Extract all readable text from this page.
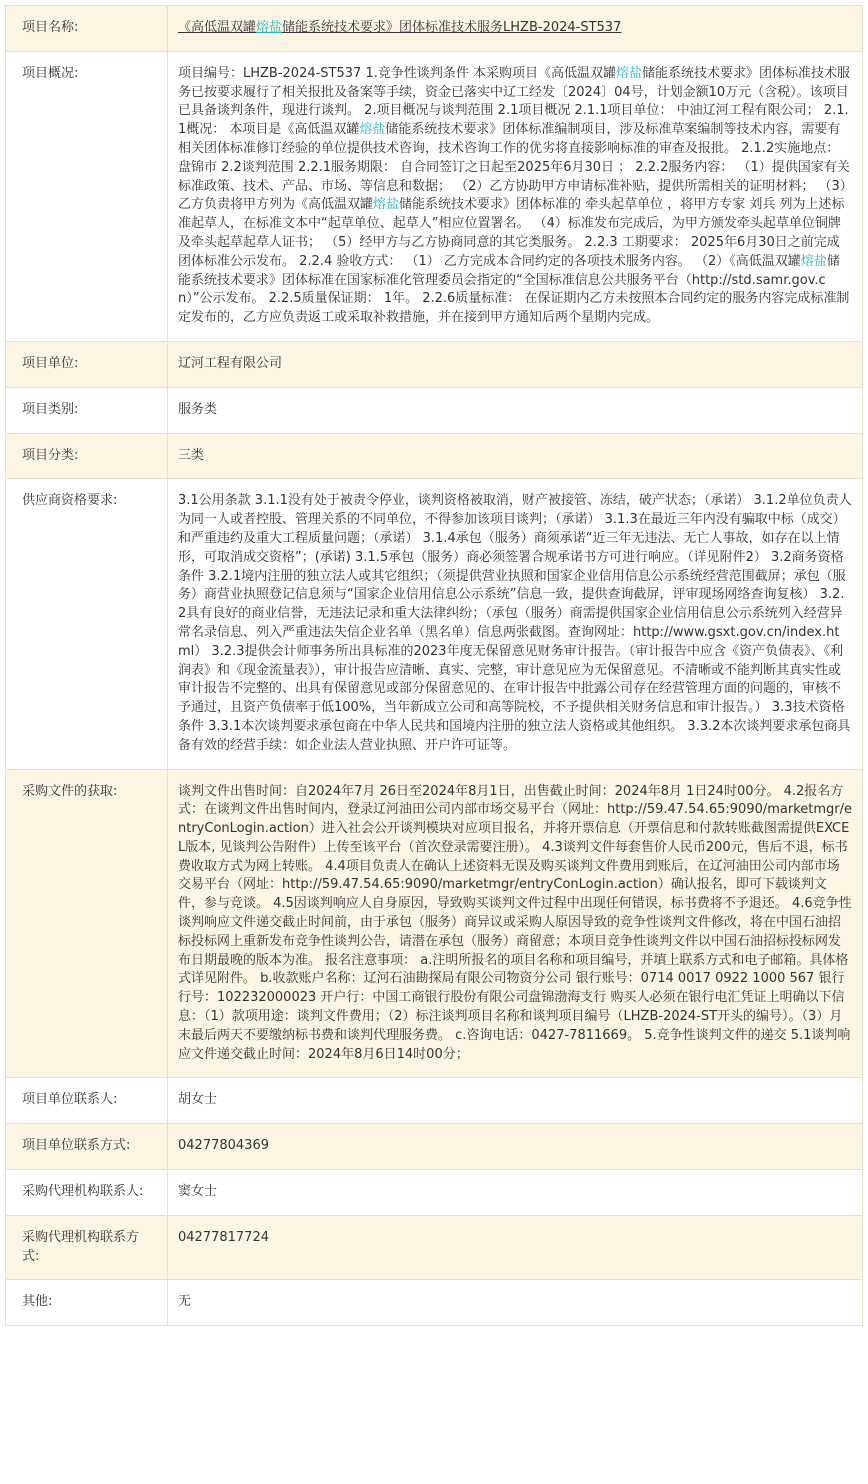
项目名称:	《高低温双罐熔盐储能系统技术要求》团体标准技术服务LHZB-2024-ST537
项目概况:	项目编号：LHZB-2024-ST537 1.竞争性谈判条件 本采购项目《高低温双罐熔盐储能系统技术要求》团体标准技术服务已按要求履行了相关报批及备案等手续，资金已落实中辽工经发〔2024〕04号，计划金额10万元（含税）。该项目已具备谈判条件，现进行谈判。 2.项目概况与谈判范围 2.1项目概况 2.1.1项目单位： 中油辽河工程有限公司； 2.1.1概况： 本项目是《高低温双罐熔盐储能系统技术要求》团体标准编制项目，涉及标准草案编制等技术内容，需要有相关团体标准修订经验的单位提供技术咨询，技术咨询工作的优劣将直接影响标准的审查及报批。 2.1.2实施地点：盘锦市 2.2谈判范围 2.2.1服务期限： 自合同签订之日起至2025年6月30日 ； 2.2.2服务内容： （1）提供国家有关标准政策、技术、产品、市场、等信息和数据； （2）乙方协助甲方申请标准补贴，提供所需相关的证明材料； （3）乙方负责将甲方列为《高低温双罐熔盐储能系统技术要求》团体标准的 牵头起草单位 ，将甲方专家 刘兵 列为上述标准起草人，在标准文本中“起草单位、起草人”相应位置署名。 （4）标准发布完成后，为甲方颁发牵头起草单位铜牌及牵头起草起草人证书； （5）经甲方与乙方协商同意的其它类服务。 2.2.3 工期要求： 2025年6月30日之前完成团体标准公示发布。 2.2.4 验收方式： （1） 乙方完成本合同约定的各项技术服务内容。 （2）《高低温双罐熔盐储能系统技术要求》团体标准在国家标准化管理委员会指定的“全国标准信息公共服务平台（http://std.samr.gov.cn）”公示发布。 2.2.5质量保证期： 1年。 2.2.6质量标准： 在保证期内乙方未按照本合同约定的服务内容完成标准制定发布的，乙方应负责返工或采取补救措施，并在接到甲方通知后两个星期内完成。
项目单位:	辽河工程有限公司
项目类别:	服务类
项目分类:	三类
供应商资格要求:	3.1公用条款 3.1.1没有处于被责令停业，谈判资格被取消，财产被接管、冻结，破产状态；（承诺） 3.1.2单位负责人为同一人或者控股、管理关系的不同单位，不得参加该项目谈判；（承诺） 3.1.3在最近三年内没有骗取中标（成交）和严重违约及重大工程质量问题；（承诺） 3.1.4承包（服务）商须承诺“近三年无违法、无亡人事故，如存在以上情形，可取消成交资格”；(承诺) 3.1.5承包（服务）商必须签署合规承诺书方可进行响应。（详见附件2） 3.2商务资格条件 3.2.1境内注册的独立法人或其它组织；（须提供营业执照和国家企业信用信息公示系统经营范围截屏；承包（服务）商营业执照登记信息须与“国家企业信用信息公示系统”信息一致，提供查询截屏，评审现场网络查询复核） 3.2.2具有良好的商业信誉，无违法记录和重大法律纠纷；（承包（服务）商需提供国家企业信用信息公示系统列入经营异常名录信息、列入严重违法失信企业名单（黑名单）信息两张截图。查询网址：http://www.gsxt.gov.cn/index.html） 3.2.3提供会计师事务所出具标准的2023年度无保留意见财务审计报告。（审计报告中应含《资产负债表》、《利润表》和《现金流量表》），审计报告应清晰、真实、完整，审计意见应为无保留意见。不清晰或不能判断其真实性或审计报告不完整的、出具有保留意见或部分保留意见的、在审计报告中批露公司存在经营管理方面的问题的，审核不予通过，且资产负债率于低100%，当年新成立公司和高等院校，不予提供相关财务信息和审计报告。） 3.3技术资格条件 3.3.1本次谈判要求承包商在中华人民共和国境内注册的独立法人资格或其他组织。 3.3.2本次谈判要求承包商具备有效的经营手续：如企业法人营业执照、开户许可证等。
采购文件的获取:	谈判文件出售时间：自2024年7月 26日至2024年8月1日，出售截止时间：2024年8月 1日24时00分。 4.2报名方式：在谈判文件出售时间内，登录辽河油田公司内部市场交易平台（网址：http://59.47.54.65:9090/marketmgr/entryConLogin.action）进入社会公开谈判模块对应项目报名，并将开票信息（开票信息和付款转账截图需提供EXCEL版本, 见谈判公告附件）上传至该平台（首次登录需要注册）。 4.3谈判文件每套售价人民币200元，售后不退，标书费收取方式为网上转账。 4.4项目负责人在确认上述资料无误及购买谈判文件费用到账后，在辽河油田公司内部市场交易平台（网址：http://59.47.54.65:9090/marketmgr/entryConLogin.action）确认报名，即可下载谈判文件，参与竞谈。 4.5因谈判响应人自身原因，导致购买谈判文件过程中出现任何错误，标书费将不予退还。 4.6竞争性谈判响应文件递交截止时间前，由于承包（服务）商异议或采购人原因导致的竞争性谈判文件修改，将在中国石油招标投标网上重新发布竞争性谈判公告，请潜在承包（服务）商留意；本项目竞争性谈判文件以中国石油招标投标网发布日期最晚的版本为准。 报名注意事项： a.注明所报名的项目名称和项目编号，并填上联系方式和电子邮箱。具体格式详见附件。 b.收款账户名称：辽河石油勘探局有限公司物资分公司 银行账号：0714 0017 0922 1000 567 银行行号：102232000023 开户行：中国工商银行股份有限公司盘锦渤海支行 购买人必须在银行电汇凭证上明确以下信息：（1）款项用途：谈判文件费用；（2）标注谈判项目名称和谈判项目编号（LHZB-2024-ST开头的编号）。（3）月末最后两天不要缴纳标书费和谈判代理服务费。 c.咨询电话：0427-7811669。 5.竞争性谈判文件的递交 5.1谈判响应文件递交截止时间：2024年8月6日14时00分；
项目单位联系人:	胡女士
项目单位联系方式:	04277804369
采购代理机构联系人:	窦女士
采购代理机构联系方式:	04277817724
其他:	无
